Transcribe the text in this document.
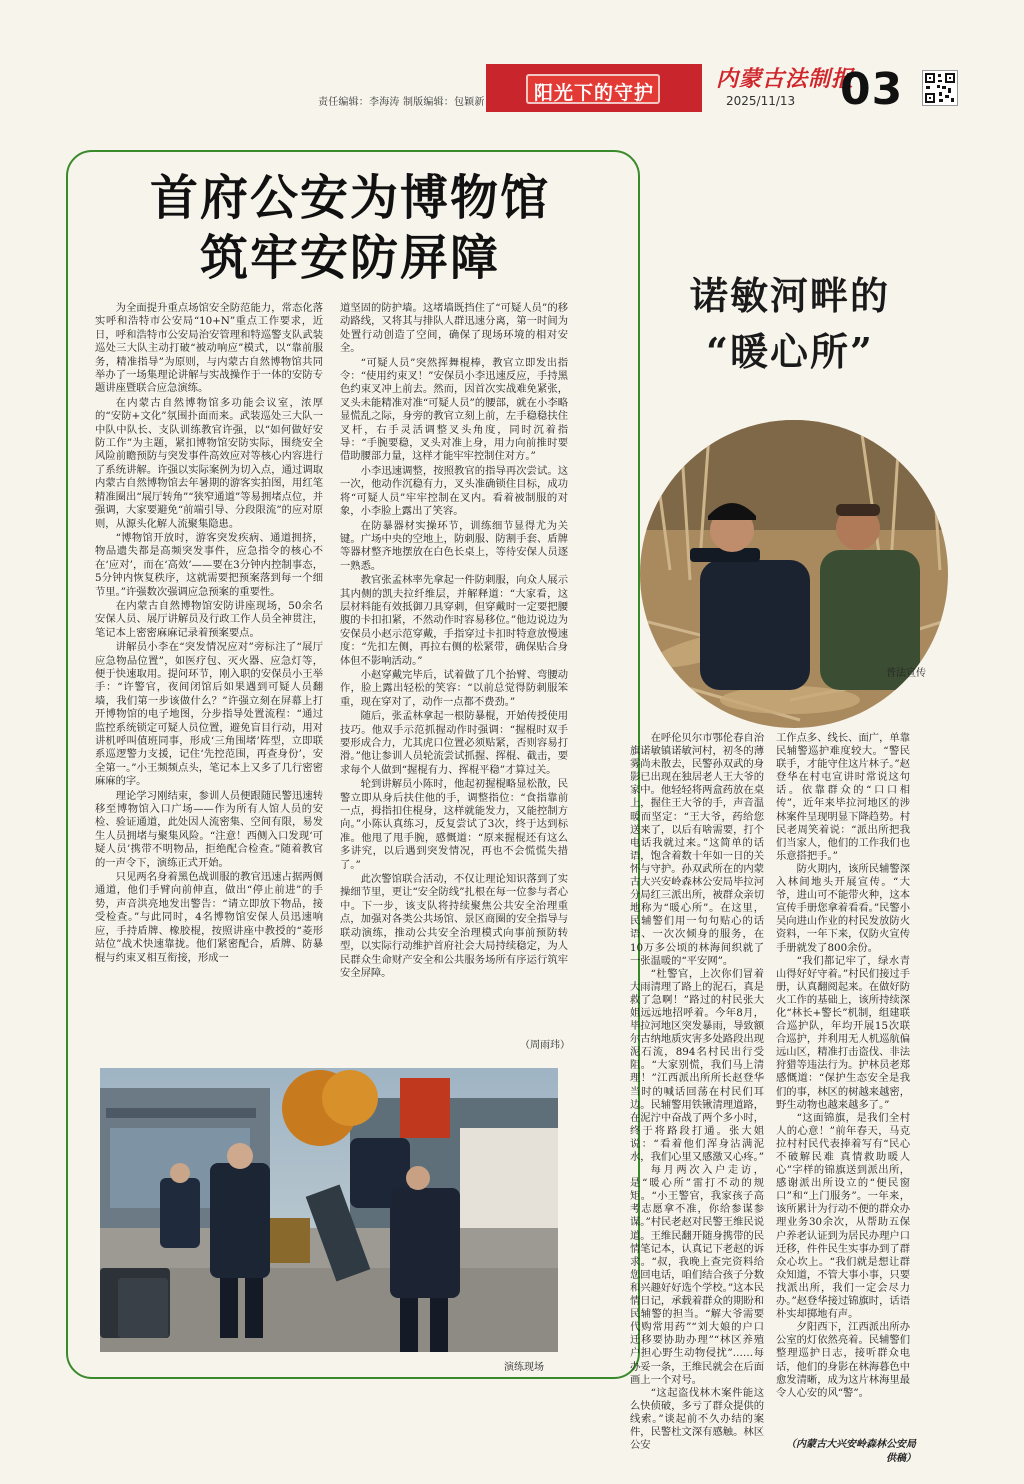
责任编辑：李海涛 制版编辑：包颖新	阳光下的守护
内蒙古法制报
2025/11/13 03
首府公安为博物馆
筑牢安防屏障

为全面提升重点场馆安全防范能力，常态化落实呼和浩特市公安局“10+N”重点工作要求，近日，呼和浩特市公安局治安管理和特巡警支队武装巡处三大队主动打破“被动响应”模式，以“靠前服务，精准指导”为原则，与内蒙古自然博物馆共同举办了一场集理论讲解与实战操作于一体的安防专题讲座暨联合应急演练。

在内蒙古自然博物馆多功能会议室，浓厚的“安防+文化”氛围扑面而来。武装巡处三大队一中队中队长、支队训练教官许强，以“如何做好安防工作”为主题，紧扣博物馆安防实际，围绕安全风险前瞻预防与突发事件高效应对等核心内容进行了系统讲解。许强以实际案例为切入点，通过调取内蒙古自然博物馆去年暑期的游客实拍图，用红笔精准圈出“展厅转角”“狭窄通道”等易拥堵点位，并强调，大家要避免“前端引导、分段限流”的应对原则，从源头化解人流聚集隐患。

“博物馆开放时，游客突发疾病、通道拥挤，物品遗失都是高频突发事件，应急指令的核心不在‘应对’，而在‘高效’——要在3分钟内控制事态，5分钟内恢复秩序，这就需要把预案落到每一个细节里。”许强数次强调应急预案的重要性。

在内蒙古自然博物馆安防讲座现场，50余名安保人员、展厅讲解员及行政工作人员全神贯注，笔记本上密密麻麻记录着预案要点。

讲解员小李在“突发情况应对”旁标注了“展厅应急物品位置”，如医疗包、灭火器、应急灯等，便于快速取用。提问环节，刚入职的安保员小王举手：“许警官，夜间闭馆后如果遇到可疑人员翻墙，我们第一步该做什么？”许强立刻在屏幕上打开博物馆的电子地图，分步指导处置流程：“通过监控系统锁定可疑人员位置，避免盲目行动，用对讲机呼叫值班同事，形成‘三角围堵’阵型，立即联系巡逻警力支援，记住‘先控范围，再查身份’，安全第一。”小王频频点头，笔记本上又多了几行密密麻麻的字。

理论学习刚结束，参训人员便跟随民警迅速转移至博物馆入口广场——作为所有人馆人员的安检、验证通道，此处因人流密集、空间有限，易发生人员拥堵与聚集风险。“注意！西侧入口发现‘可疑人员’携带不明物品，拒绝配合检查。”随着教官的一声令下，演练正式开始。

只见两名身着黑色战训服的教官迅速占据两侧通道，他们手臂向前伸直，做出“停止前进”的手势，声音洪亮地发出警告：“请立即放下物品，接受检查。”与此同时，4名博物馆安保人员迅速响应，手持盾牌、橡胶棍，按照讲座中教授的“菱形站位”战术快速靠拢。他们紧密配合，盾牌、防暴棍与约束叉相互衔接，形成一

道坚固的防护墙。这堵墙既挡住了“可疑人员”的移动路线，又将其与排队人群迅速分离，第一时间为处置行动创造了空间，确保了现场环境的相对安全。

“可疑人员”突然挥舞棍棒，教官立即发出指令：“使用约束叉！”安保员小李迅速反应，手持黑色约束叉冲上前去。然而，因首次实战难免紧张，叉头未能精准对准“可疑人员”的腰部，就在小李略显慌乱之际，身旁的教官立刻上前，左手稳稳扶住叉杆，右手灵活调整叉头角度，同时沉着指导：“手腕要稳，叉头对准上身，用力向前推时要借助腰部力量，这样才能牢牢控制住对方。”

小李迅速调整，按照教官的指导再次尝试。这一次，他动作沉稳有力，叉头准确锁住目标，成功将“可疑人员”牢牢控制在叉内。看着被制服的对象，小李脸上露出了笑容。

在防暴器材实操环节，训练细节显得尤为关键。广场中央的空地上，防刺服、防割手套、盾牌等器材整齐地摆放在白色长桌上，等待安保人员逐一熟悉。

教官张孟林率先拿起一件防刺服，向众人展示其内侧的凯夫拉纤维层，并解释道：“大家看，这层材料能有效抵御刀具穿刺，但穿戴时一定要把腰腹的卡扣扣紧，不然动作时容易移位。”他边说边为安保员小赵示范穿戴，手指穿过卡扣时特意放慢速度：“先扣左侧，再拉右侧的松紧带，确保贴合身体但不影响活动。”

小赵穿戴完毕后，试着做了几个抬臂、弯腰动作，脸上露出轻松的笑容：“以前总觉得防刺服笨重，现在穿对了，动作一点都不费劲。”

随后，张孟林拿起一根防暴棍，开始传授使用技巧。他双手示范抓握动作时强调：“握棍时双手要形成合力，尤其虎口位置必须贴紧，否则容易打滑。”他让参训人员轮流尝试抓握、挥棍、截击，要求每个人做到“握棍有力、挥棍平稳”才算过关。

轮到讲解员小陈时，他起初握棍略显松散，民警立即从身后扶住他的手，调整指位：“食指靠前一点，拇指扣住棍身，这样就能发力，又能控制方向。”小陈认真练习，反复尝试了3次，终于达到标准。他甩了甩手腕，感慨道：“原来握棍还有这么多讲究，以后遇到突发情况，再也不会慌慌失措了。”

此次警馆联合活动，不仅让理论知识落到了实操细节里，更让“安全防线”扎根在每一位参与者心中。下一步，该支队将持续聚焦公共安全治理重点，加强对各类公共场馆、景区商圈的安全指导与联动演练，推动公共安全治理模式向事前预防转型，以实际行动维护首府社会大局持续稳定，为人民群众生命财产安全和公共服务场所有序运行筑牢安全屏障。

（周雨玮）
演练现场
诺敏河畔的
“暖心所”
普法宣传

在呼伦贝尔市鄂伦春自治旗诺敏镇诺敏河村，初冬的薄雾尚未散去，民警孙双武的身影已出现在独居老人王大爷的家中。他轻轻将两盒药放在桌上，握住王大爷的手，声音温暖而坚定：“王大爷，药给您送来了，以后有啥需要，打个电话我就过来。”这简单的话语，饱含着数十年如一日的关怀与守护。孙双武所在的内蒙古大兴安岭森林公安局毕拉河分局红三派出所，被群众亲切地称为“暖心所”。在这里，民辅警们用一句句贴心的话语、一次次倾身的服务，在10万多公顷的林海间织就了一张温暖的“平安网”。

“杜警官，上次你们冒着大雨清理了路上的泥石，真是救了急啊！”路过的村民张大姐远远地招呼着。今年8月，毕拉河地区突发暴雨，导致额尔古纳地质灾害多处路段出现泥石流，894名村民出行受阻。“大家别慌，我们马上清理！”江西派出所所长赵登华当时的喊话回荡在村民们耳边。民辅警用铁锹清理道路，在泥泞中奋战了两个多小时，终于将路段打通。张大姐说：“看着他们浑身沾满泥水，我们心里又感激又心疼。”

每月两次入户走访，是“暖心所”雷打不动的规矩。“小王警官，我家孩子高考志愿拿不准，你给参谋参谋。”村民老赵对民警王维民说道。王维民翻开随身携带的民情笔记本，认真记下老赵的诉求。“叔，我晚上查完资料给您回电话，咱们结合孩子分数和兴趣好好选个学校。”这本民情日记，承载着群众的期盼和民辅警的担当。“解大爷需要代购常用药”“刘大娘的户口迁移要协助办理”“林区养殖户担心野生动物侵扰”……每办妥一条，王维民就会在后面画上一个对号。

“这起盗伐林木案件能这么快侦破，多亏了群众提供的线索。”谈起前不久办结的案件，民警杜文深有感触。林区公安

工作点多、线长、面广，单靠民辅警巡护难度较大。“警民联手，才能守住这片林子。”赵登华在村屯宣讲时常说这句话。依靠群众的“口口相传”，近年来毕拉河地区的涉林案件呈现明显下降趋势。村民老周笑着说：“派出所把我们当家人，他们的工作我们也乐意搭把手。”

防火期内，该所民辅警深入林间地头开展宣传。“大爷，进山可不能带火种，这本宣传手册您拿着看看。”民警小吴向进山作业的村民发放防火资料，一年下来，仅防火宣传手册就发了800余份。

“我们都记牢了，绿水青山得好好守着。”村民们接过手册，认真翻阅起来。在做好防火工作的基础上，该所持续深化“林长+警长”机制，组建联合巡护队，年均开展15次联合巡护，并利用无人机巡航偏远山区，精准打击盗伐、非法狩猎等违法行为。护林员老郑感慨道：“保护生态安全是我们的事，林区的树越来越密，野生动物也越来越多了。”

“这面锦旗，是我们全村人的心意！”前年春天，马克拉村村民代表捧着写有“民心不破解民难 真情救助暖人心”字样的锦旗送到派出所，感谢派出所设立的“便民窗口”和“上门服务”。一年来，该所累计为行动不便的群众办理业务30余次，从帮助五保户养老认证到为居民办理户口迁移，件件民生实事办到了群众心坎上。“我们就是想让群众知道，不管大事小事，只要找派出所，我们一定会尽力办。”赵登华接过锦旗时，话语朴实却掷地有声。

夕阳西下，江西派出所办公室的灯依然亮着。民辅警们整理巡护日志，接听群众电话，他们的身影在林海暮色中愈发清晰，成为这片林海里最令人心安的风“警”。

（内蒙古大兴安岭森林公安局供稿）
